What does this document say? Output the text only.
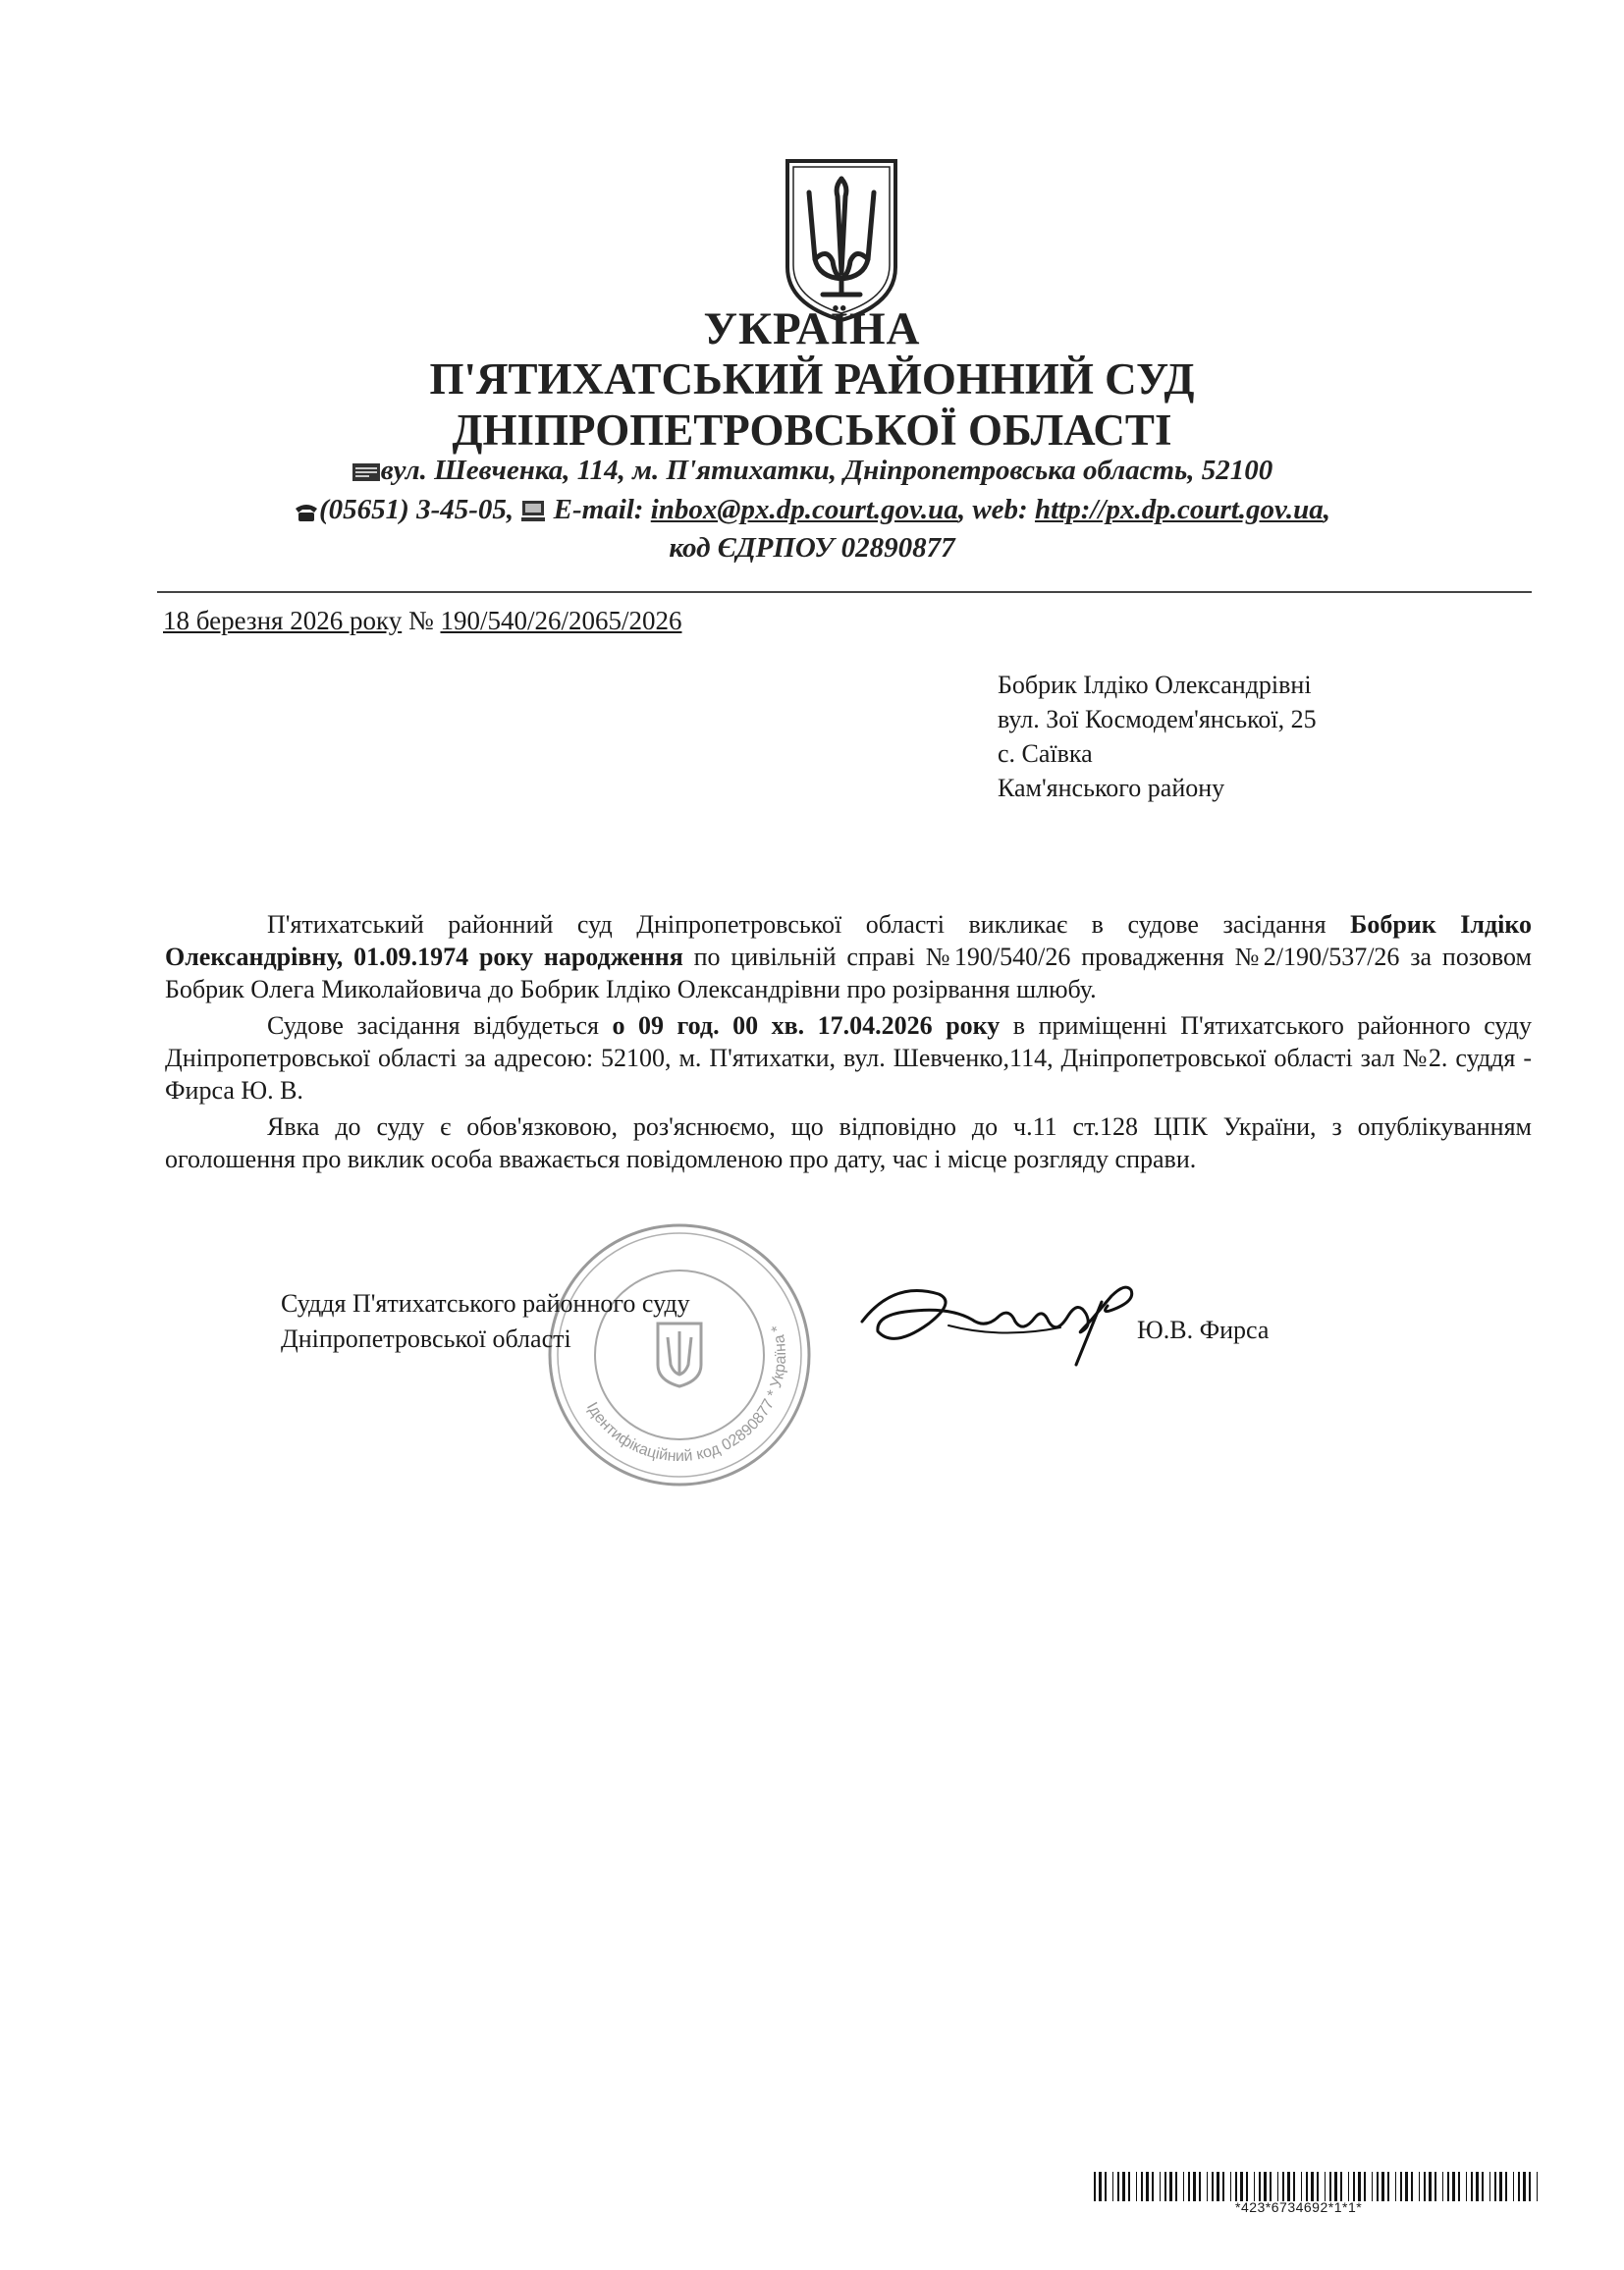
УКРАЇНА
П'ЯТИХАТСЬКИЙ РАЙОННИЙ СУД
ДНІПРОПЕТРОВСЬКОЇ ОБЛАСТІ
вул. Шевченка, 114, м. П'ятихатки, Дніпропетровська область, 52100
(05651) 3-45-05, E-mail: inbox@px.dp.court.gov.ua, web: http://px.dp.court.gov.ua,
код ЄДРПОУ 02890877
18 березня 2026 року № 190/540/26/2065/2026
Бобрик Ілдіко Олександрівні
вул. Зої Космодем'янської, 25
с. Саївка
Кам'янського району

П'ятихатський районний суд Дніпропетровської області викликає в судове засідання Бобрик Ілдіко Олександрівну, 01.09.1974 року народження по цивільній справі №190/540/26 провадження №2/190/537/26 за позовом Бобрик Олега Миколайовича до Бобрик Ілдіко Олександрівни про розірвання шлюбу.

Судове засідання відбудеться о 09 год. 00 хв. 17.04.2026 року в приміщенні П'ятихатського районного суду Дніпропетровської області за адресою: 52100, м. П'ятихатки, вул. Шевченко,114, Дніпропетровської області зал №2. суддя - Фирса Ю. В.

Явка до суду є обов'язковою, роз'яснюємо, що відповідно до ч.11 ст.128 ЦПК України, з опублікуванням оголошення про виклик особа вважається повідомленою про дату, час і місце розгляду справи.

Ідентифікаційний код 02890877 * Україна *
Суддя П'ятихатського районного суду
Дніпропетровської області	Ю.В. Фирса
*423*6734692*1*1*
